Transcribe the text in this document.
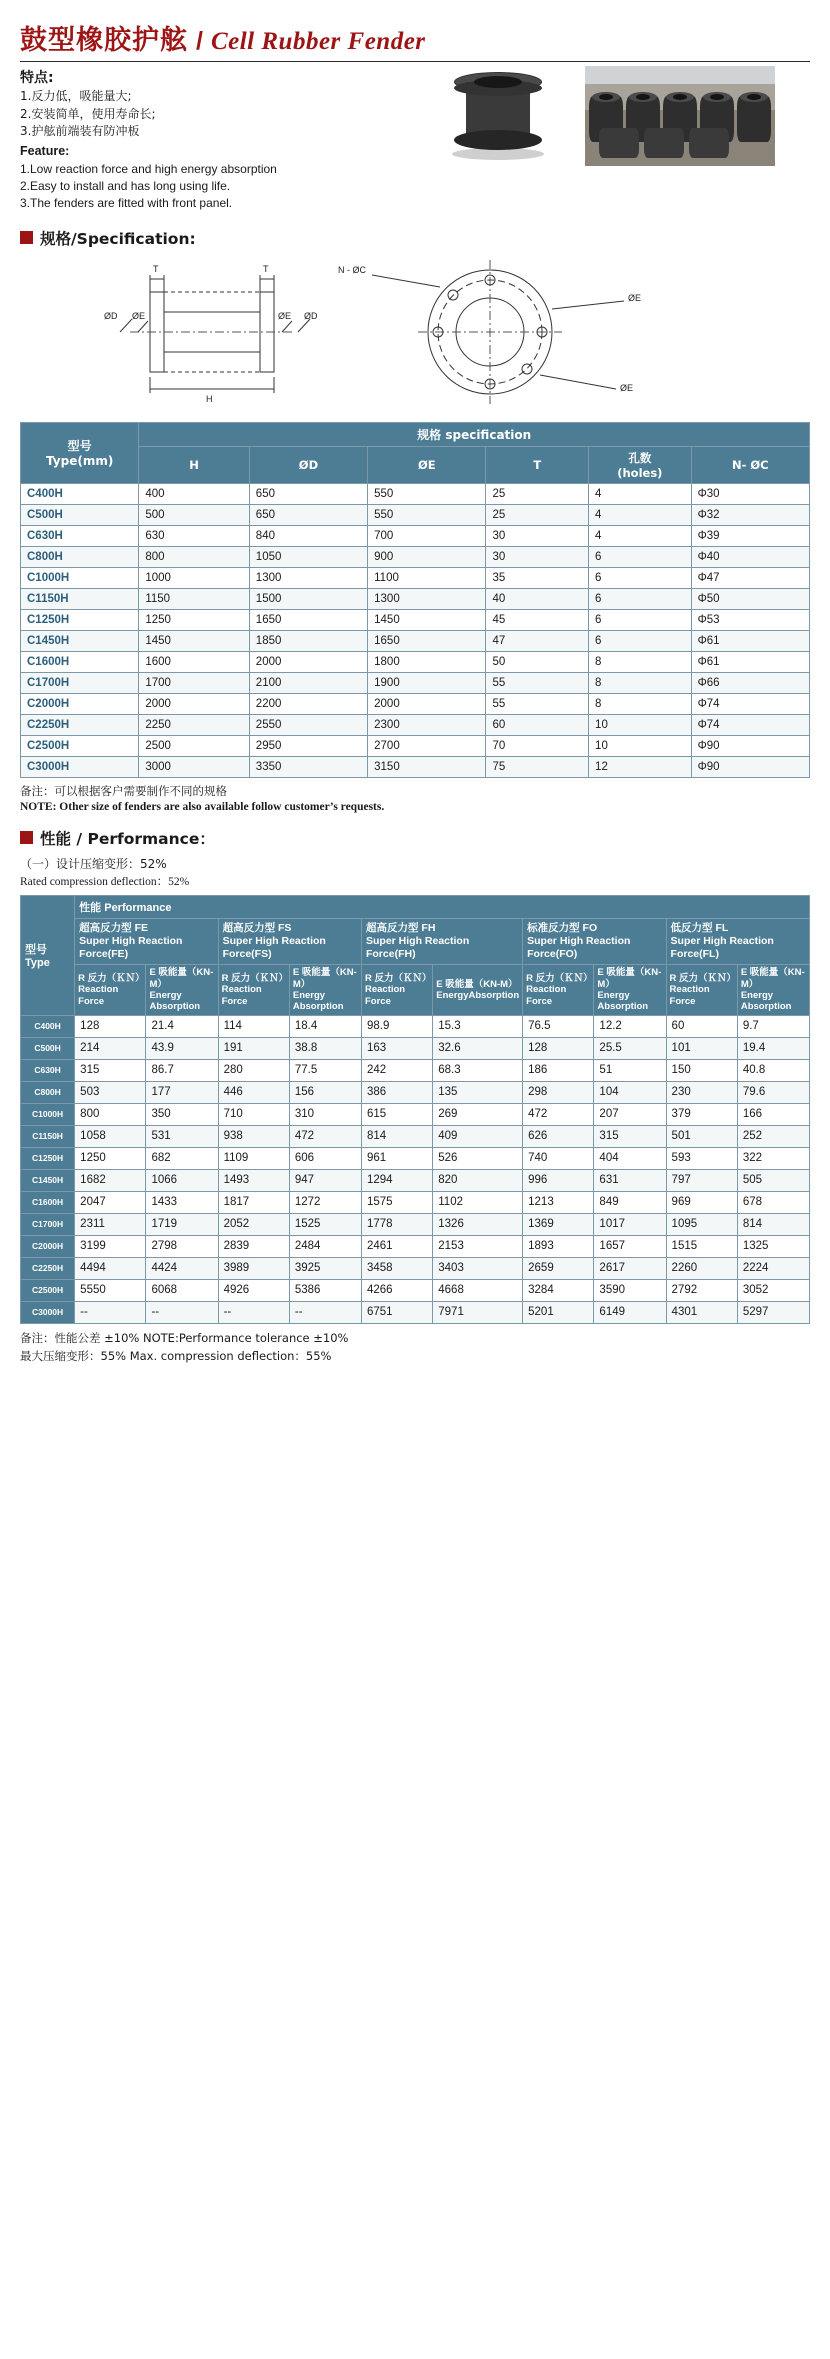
鼓型橡胶护舷 / Cell Rubber Fender
特点:
1.反力低，吸能量大;
2.安装简单，使用寿命长;
3.护舷前端装有防冲板
Feature:
1.Low reaction force and high energy absorption
2.Easy to install and has long using life.
3.The fenders are fitted with front panel.
规格/Specification:
T	T
H
ØD ØE	ØE ØD
N - ØC
ØE
ØE
型号
Type(mm)	规格 specification					
	H	ØD	ØE	T	孔数
(holes)	N- ØC
C400H	400	650	550	25	4	Φ30
C500H	500	650	550	25	4	Φ32
C630H	630	840	700	30	4	Φ39
C800H	800	1050	900	30	6	Φ40
C1000H	1000	1300	1100	35	6	Φ47
C1150H	1150	1500	1300	40	6	Φ50
C1250H	1250	1650	1450	45	6	Φ53
C1450H	1450	1850	1650	47	6	Φ61
C1600H	1600	2000	1800	50	8	Φ61
C1700H	1700	2100	1900	55	8	Φ66
C2000H	2000	2200	2000	55	8	Φ74
C2250H	2250	2550	2300	60	10	Φ74
C2500H	2500	2950	2700	70	10	Φ90
C3000H	3000	3350	3150	75	12	Φ90
备注：可以根据客户需要制作不同的规格
NOTE: Other size of fenders are also available follow customer’s requests.
性能 / Performance：
（一）设计压缩变形：52%
Rated compression deflection：52%
型号
Type	性能 Performance									

超高反力型 FE
Super High Reaction Force(FE)

超高反力型 FS
Super High Reaction Force(FS)

超高反力型 FH
Super High Reaction Force(FH)

标准反力型 FO
Super High Reaction Force(FO)

低反力型 FL
Super High Reaction Force(FL)

R 反力（ＫＮ）
Reaction Force

E 吸能量（KN-M）
Energy Absorption

R 反力（ＫＮ）
Reaction Force

E 吸能量（KN-M）
Energy Absorption

R 反力（ＫＮ）
Reaction Force

E 吸能量（KN-M）
EnergyAbsorption

R 反力（ＫＮ）
Reaction Force

E 吸能量（KN-M）
Energy Absorption

R 反力（ＫＮ）
Reaction Force

E 吸能量（KN-M）
Energy Absorption

C400H	128	21.4	114	18.4	98.9	15.3	76.5	12.2	60	9.7
C500H	214	43.9	191	38.8	163	32.6	128	25.5	101	19.4
C630H	315	86.7	280	77.5	242	68.3	186	51	150	40.8
C800H	503	177	446	156	386	135	298	104	230	79.6
C1000H	800	350	710	310	615	269	472	207	379	166
C1150H	1058	531	938	472	814	409	626	315	501	252
C1250H	1250	682	1109	606	961	526	740	404	593	322
C1450H	1682	1066	1493	947	1294	820	996	631	797	505
C1600H	2047	1433	1817	1272	1575	1102	1213	849	969	678
C1700H	2311	1719	2052	1525	1778	1326	1369	1017	1095	814
C2000H	3199	2798	2839	2484	2461	2153	1893	1657	1515	1325
C2250H	4494	4424	3989	3925	3458	3403	2659	2617	2260	2224
C2500H	5550	6068	4926	5386	4266	4668	3284	3590	2792	3052
C3000H	--	--	--	--	6751	7971	5201	6149	4301	5297
备注：性能公差 ±10% NOTE:Performance tolerance ±10%
最大压缩变形：55% Max. compression deflection：55%
